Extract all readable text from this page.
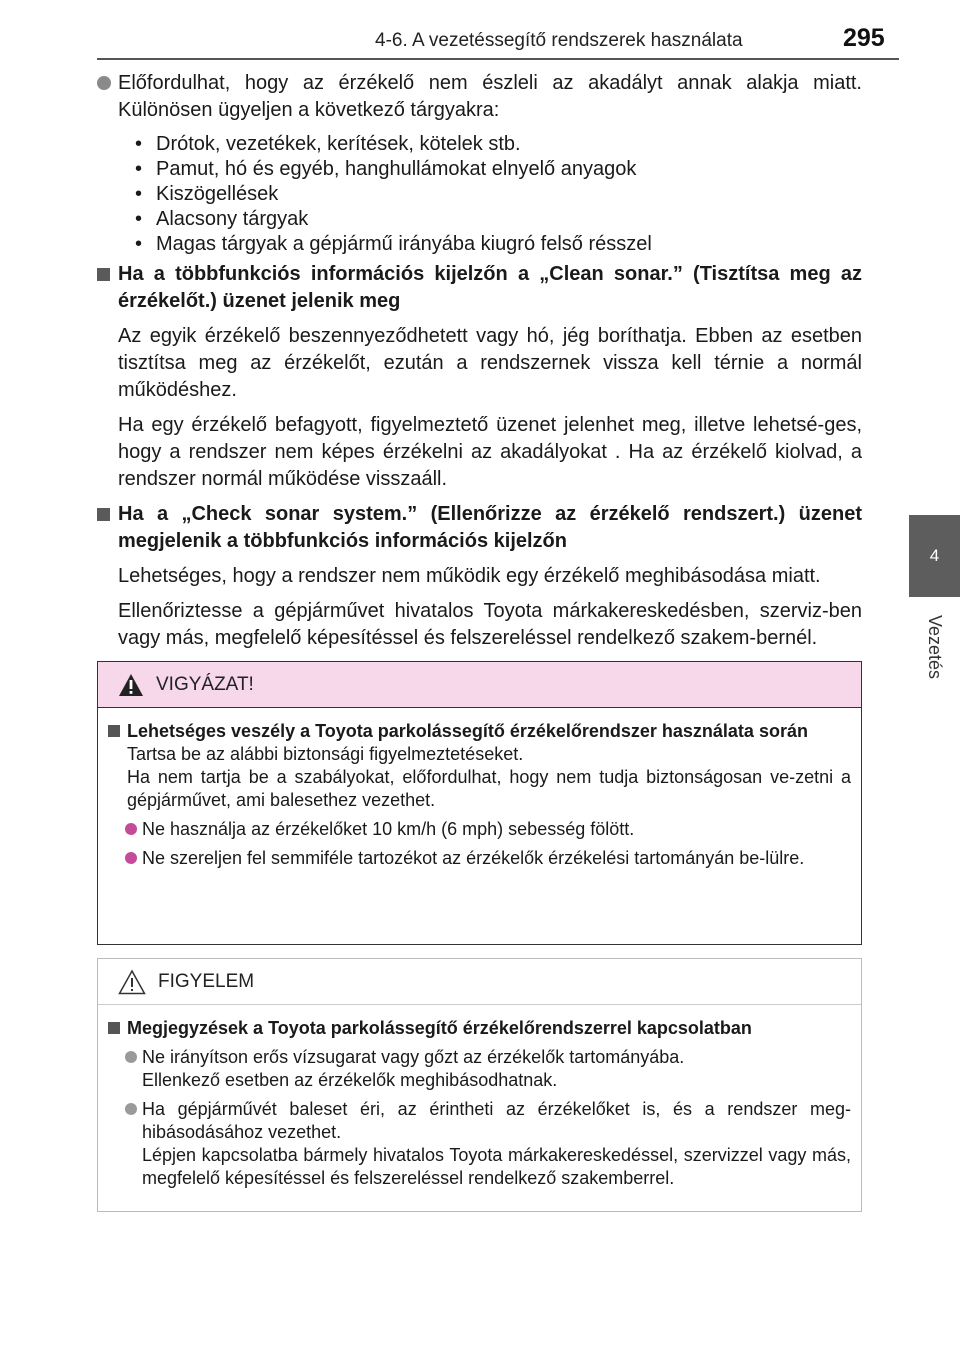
4-6. A vezetéssegítő rendszerek használata	295
4
Vezetés

Előfordulhat, hogy az érzékelő nem észleli az akadályt annak alakja miatt. Különösen ügyeljen a következő tárgyakra:

• Drótok, vezetékek, kerítések, kötelek stb.
• Pamut, hó és egyéb, hanghullámokat elnyelő anyagok
• Kiszögellések
• Alacsony tárgyak
• Magas tárgyak a gépjármű irányába kiugró felső résszel

Ha a többfunkciós információs kijelzőn a „Clean sonar.” (Tisztítsa meg az érzékelőt.) üzenet jelenik meg

Az egyik érzékelő beszennyeződhetett vagy hó, jég boríthatja. Ebben az esetben tisztítsa meg az érzékelőt, ezután a rendszernek vissza kell térnie a normál működéshez.

Ha egy érzékelő befagyott, figyelmeztető üzenet jelenhet meg, illetve lehetsé-ges, hogy a rendszer nem képes érzékelni az akadályokat . Ha az érzékelő kiolvad, a rendszer normál működése visszaáll.

Ha a „Check sonar system.” (Ellenőrizze az érzékelő rendszert.) üzenet megjelenik a többfunkciós információs kijelzőn

Lehetséges, hogy a rendszer nem működik egy érzékelő meghibásodása miatt.

Ellenőriztesse a gépjárművet hivatalos Toyota márkakereskedésben, szerviz-ben vagy más, megfelelő képesítéssel és felszereléssel rendelkező szakem-bernél.

VIGYÁZAT!

Lehetséges veszély a Toyota parkolássegítő érzékelőrendszer használata során

Tartsa be az alábbi biztonsági figyelmeztetéseket.

Ha nem tartja be a szabályokat, előfordulhat, hogy nem tudja biztonságosan ve-zetni a gépjárművet, ami balesethez vezethet.

Ne használja az érzékelőket 10 km/h (6 mph) sebesség fölött.

Ne szereljen fel semmiféle tartozékot az érzékelők érzékelési tartományán be-lülre.

FIGYELEM

Megjegyzések a Toyota parkolássegítő érzékelőrendszerrel kapcsolatban

Ne irányítson erős vízsugarat vagy gőzt az érzékelők tartományába.

Ellenkező esetben az érzékelők meghibásodhatnak.

Ha gépjárművét baleset éri, az érintheti az érzékelőket is, és a rendszer meg-hibásodásához vezethet.

Lépjen kapcsolatba bármely hivatalos Toyota márkakereskedéssel, szervizzel vagy más, megfelelő képesítéssel és felszereléssel rendelkező szakemberrel.
